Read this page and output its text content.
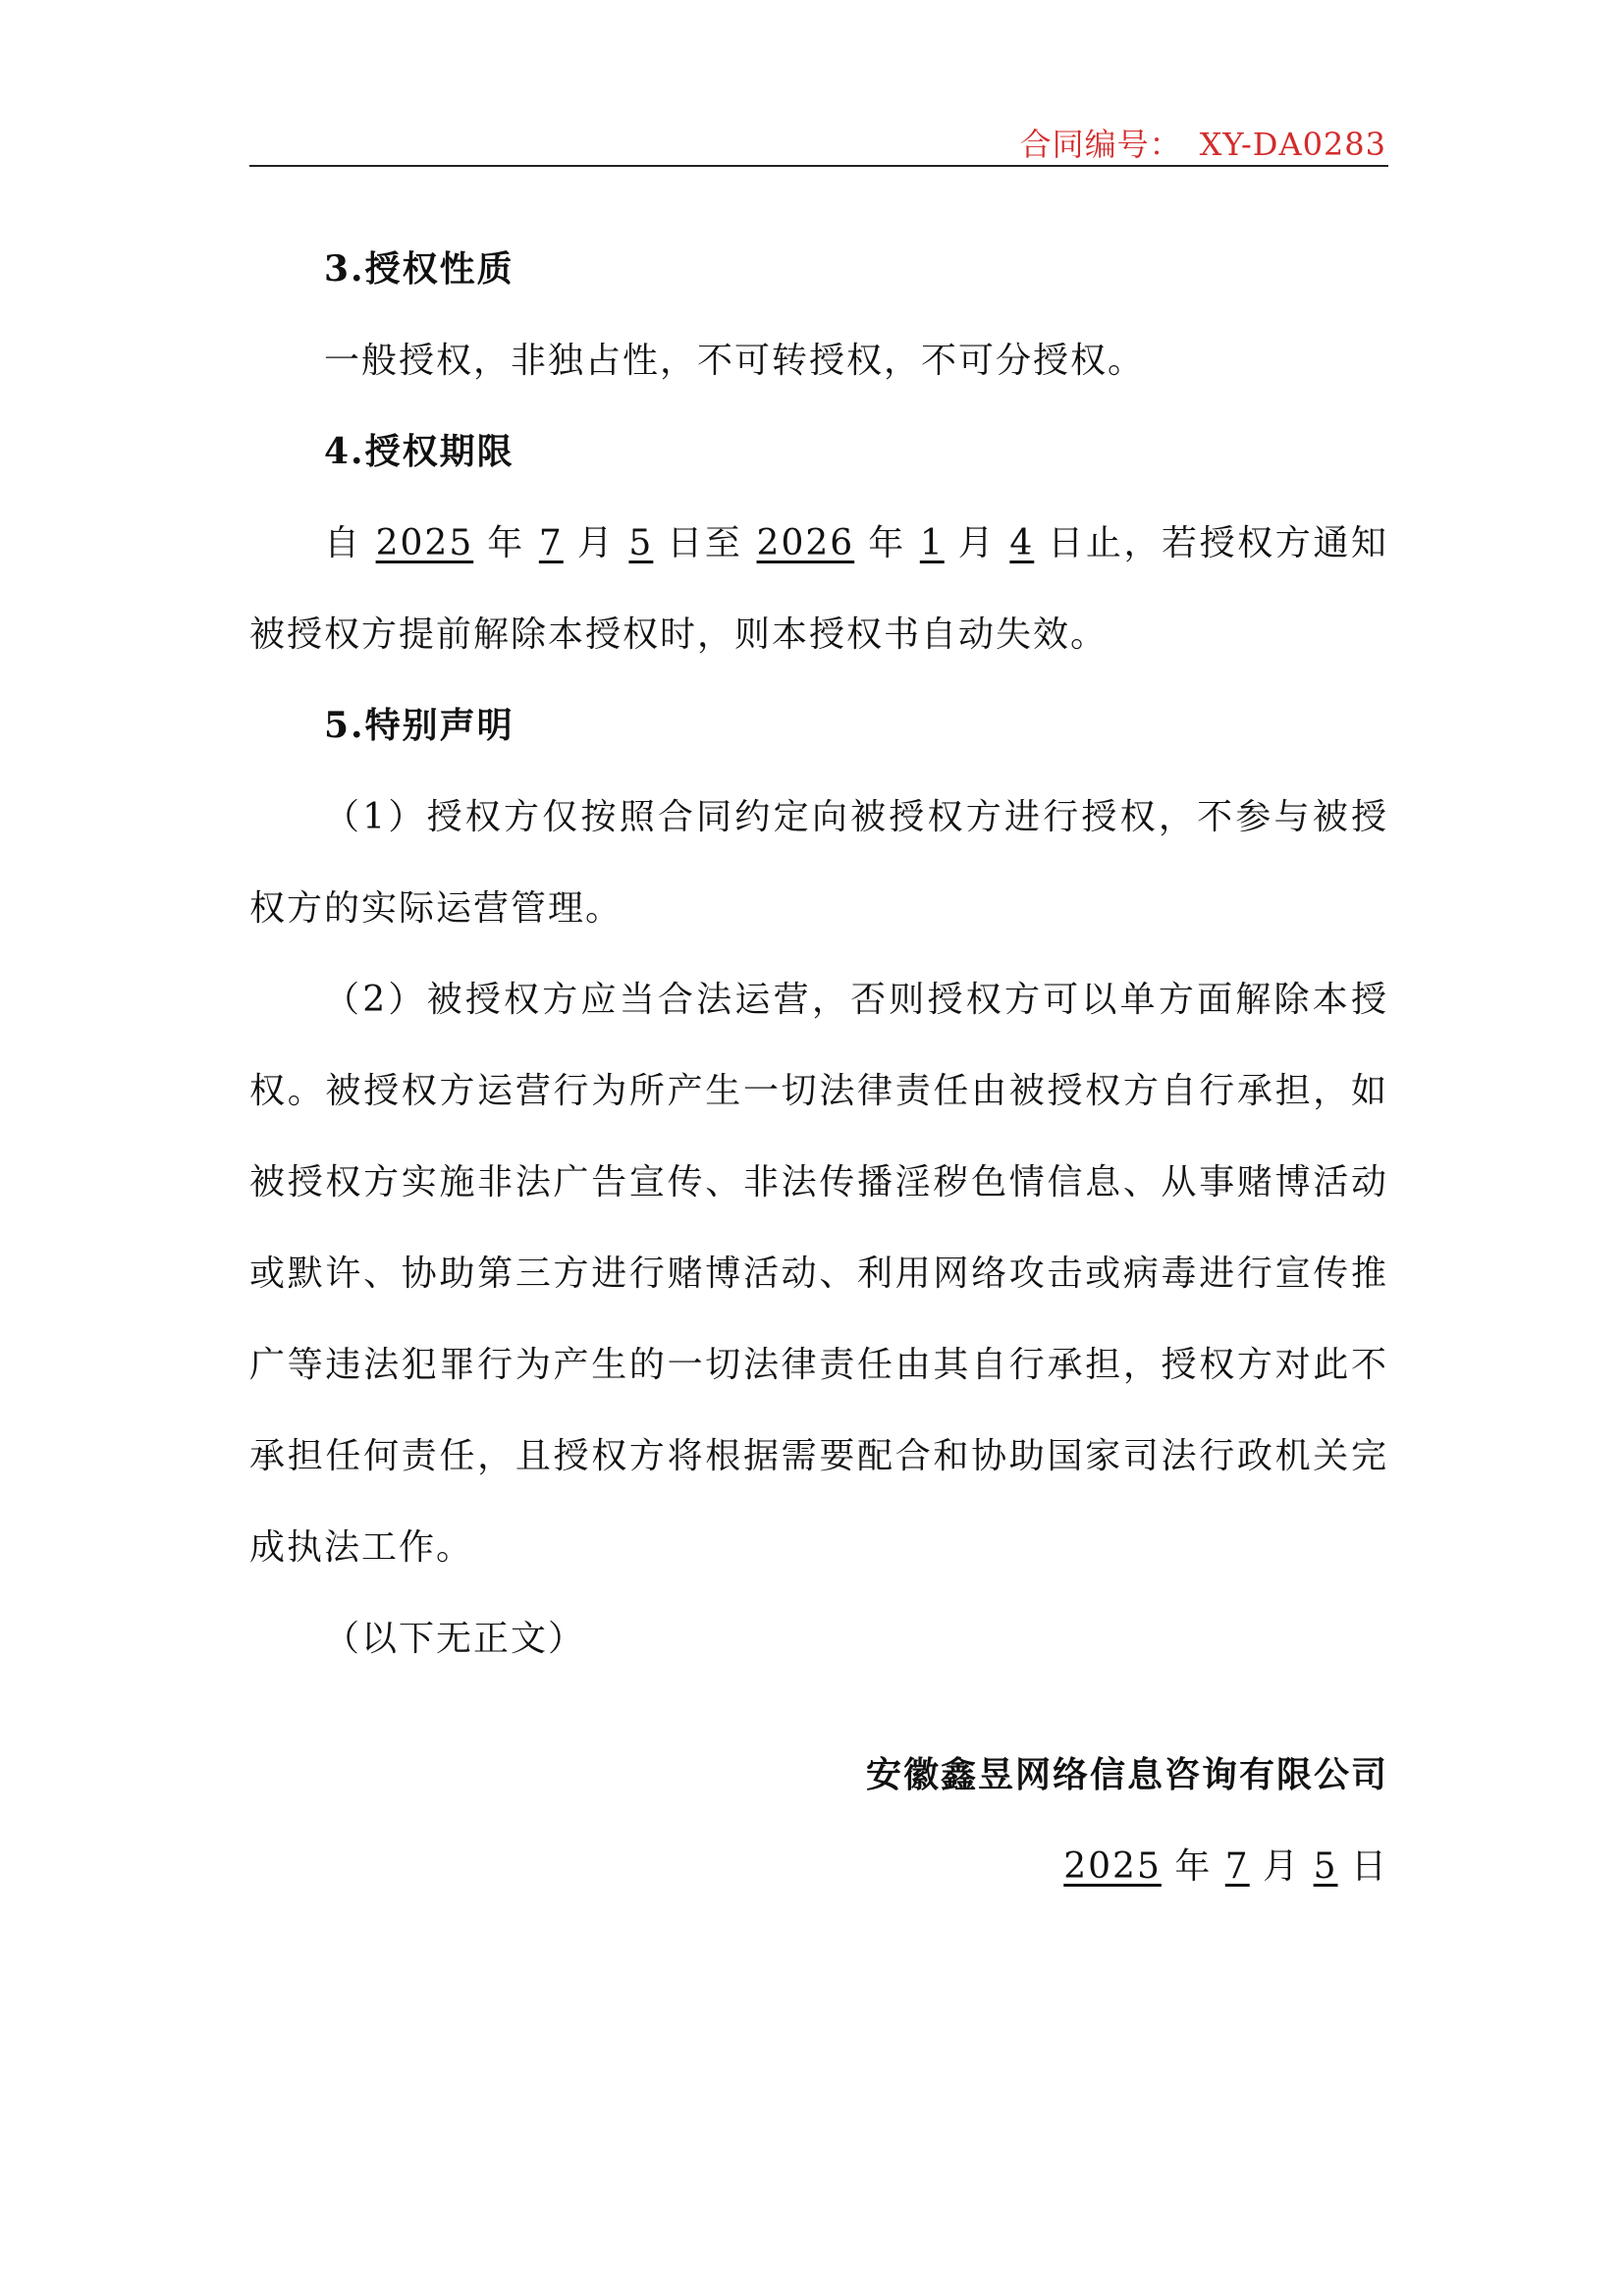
合同编号： XY-DA0283

3.授权性质

一般授权，非独占性，不可转授权，不可分授权。

4.授权期限

自 2025 年 7 月 5 日至 2026 年 1 月 4 日止，若授权方通知被授权方提前解除本授权时，则本授权书自动失效。

5.特别声明

（1）授权方仅按照合同约定向被授权方进行授权，不参与被授权方的实际运营管理。

（2）被授权方应当合法运营，否则授权方可以单方面解除本授权。被授权方运营行为所产生一切法律责任由被授权方自行承担，如被授权方实施非法广告宣传、非法传播淫秽色情信息、从事赌博活动或默许、协助第三方进行赌博活动、利用网络攻击或病毒进行宣传推广等违法犯罪行为产生的一切法律责任由其自行承担，授权方对此不承担任何责任，且授权方将根据需要配合和协助国家司法行政机关完成执法工作。

（以下无正文）

安徽鑫昱网络信息咨询有限公司

2025 年 7 月 5 日
